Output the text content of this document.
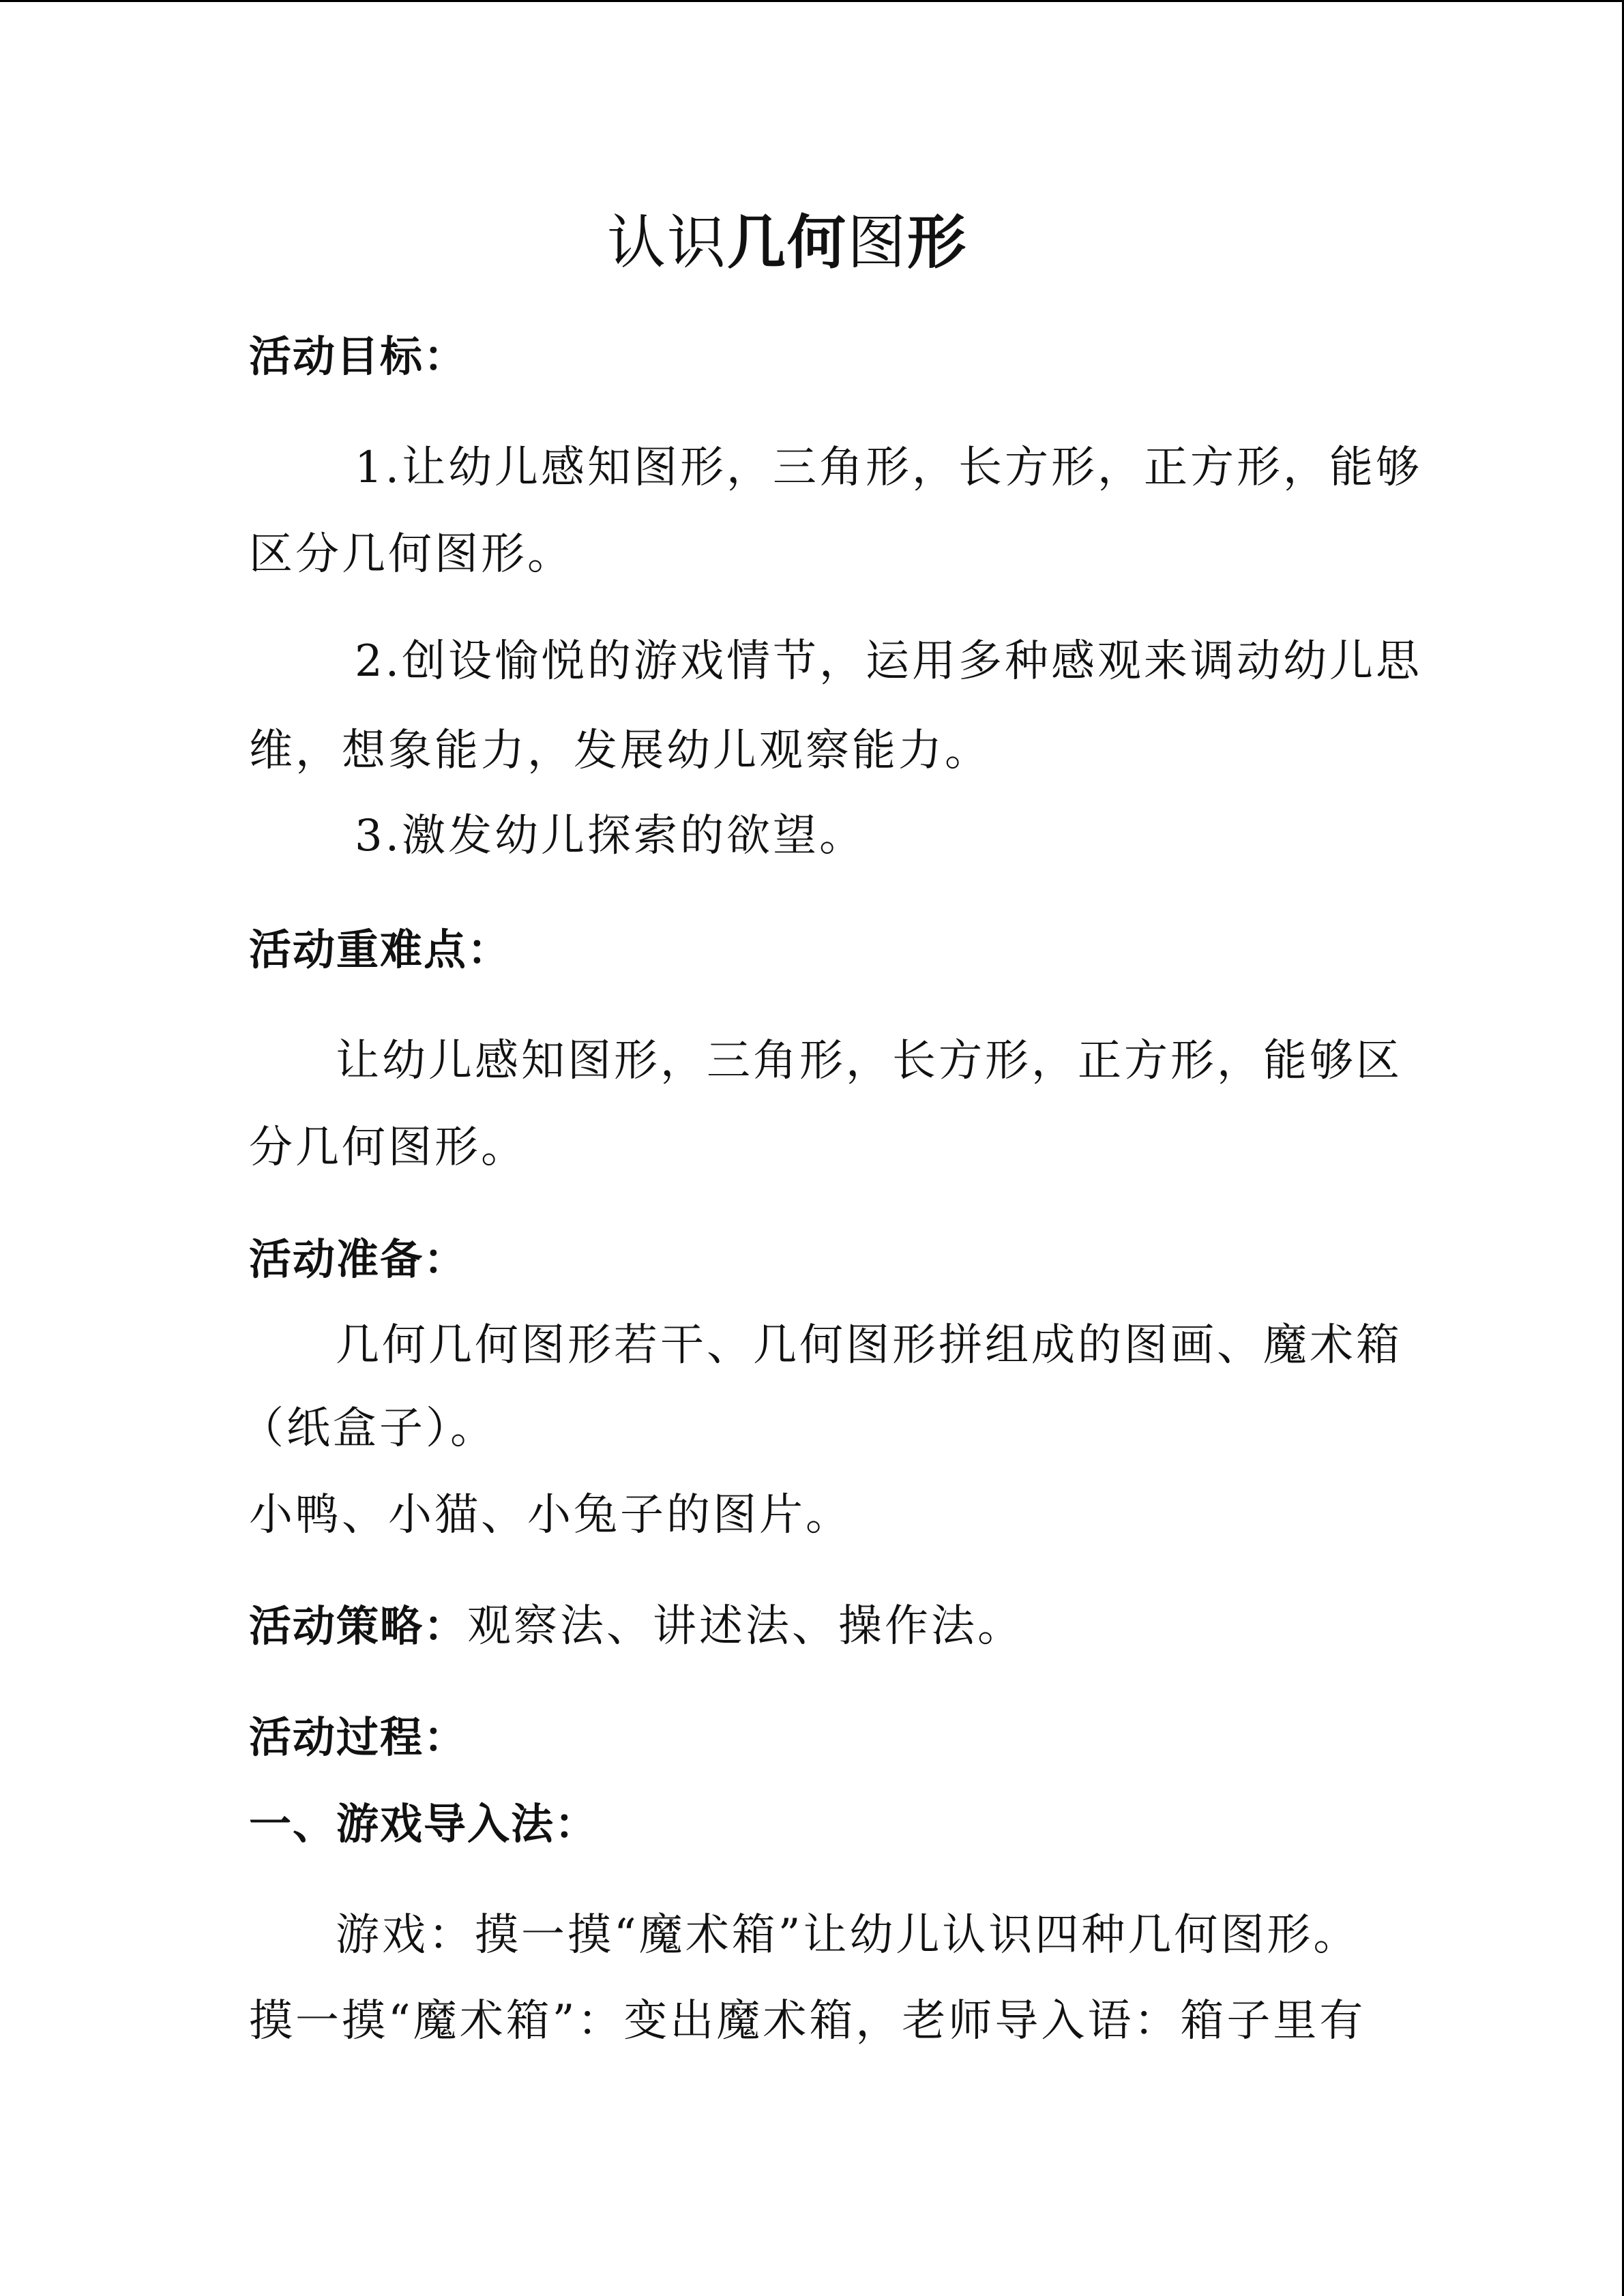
认识几何图形

活动目标：

1.让幼儿感知图形，三角形，长方形，正方形，能够

区分几何图形。

2.创设愉悦的游戏情节，运用多种感观来调动幼儿思

维，想象能力，发展幼儿观察能力。

3.激发幼儿探索的欲望。

活动重难点：

让幼儿感知图形，三角形，长方形，正方形，能够区

分几何图形。

活动准备：

几何几何图形若干、几何图形拼组成的图画、魔术箱

（纸盒子）。

小鸭、小猫、小兔子的图片。

活动策略：观察法、讲述法、操作法。

活动过程：

一、游戏导入法：

游戏：摸一摸“魔术箱”让幼儿认识四种几何图形。

摸一摸“魔术箱”：变出魔术箱，老师导入语：箱子里有
